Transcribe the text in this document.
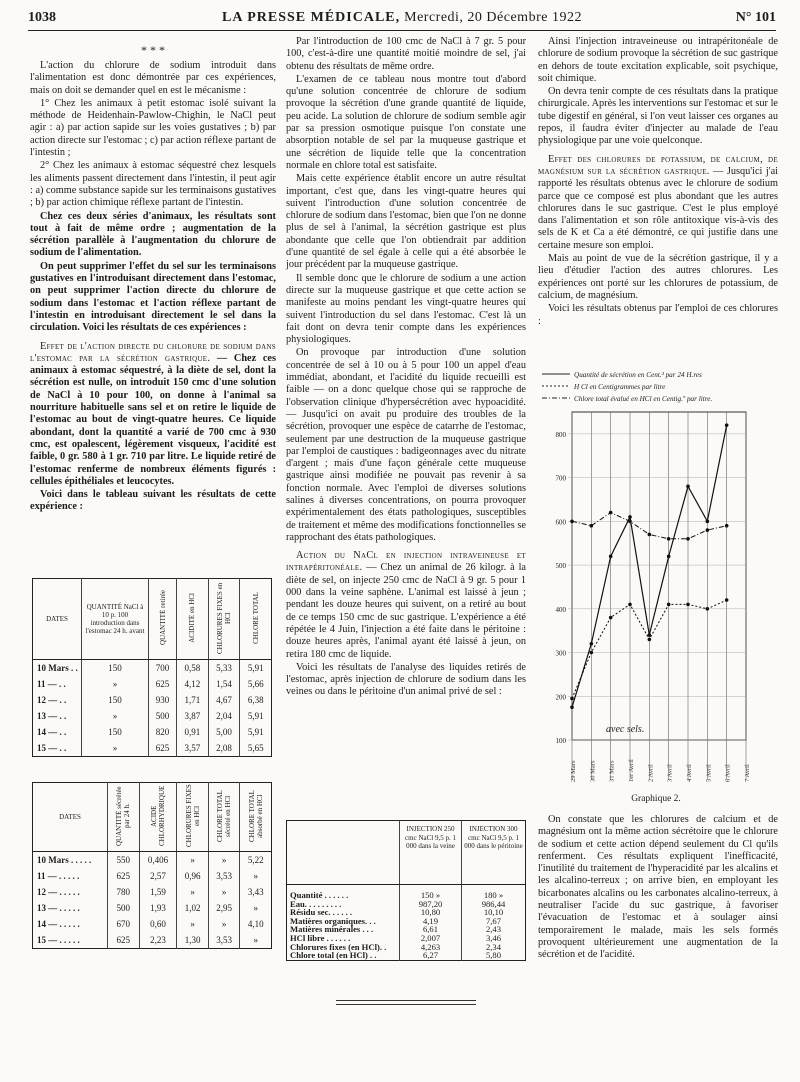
1038	LA PRESSE MÉDICALE, Mercredi, 20 Décembre 1922	N° 101
* * *

L'action du chlorure de sodium introduit dans l'alimentation est donc démontrée par ces expériences, mais on doit se demander quel en est le mécanisme :

1° Chez les animaux à petit estomac isolé suivant la méthode de Heidenhain-Pawlow-Chighin, le NaCl peut agir : a) par action sapide sur les voies gustatives ; b) par action directe sur l'estomac ; c) par action réflexe partant de l'intestin ;

2° Chez les animaux à estomac séquestré chez lesquels les aliments passent directement dans l'intestin, il peut agir : a) comme substance sapide sur les terminaisons gustatives ; b) par action chimique réflexe partant de l'intestin.

Chez ces deux séries d'animaux, les résultats sont tout à fait de même ordre ; augmentation de la sécrétion parallèle à l'augmentation du chlorure de sodium de l'alimentation.

On peut supprimer l'effet du sel sur les terminaisons gustatives en l'introduisant directement dans l'estomac, on peut supprimer l'action directe du chlorure de sodium dans l'estomac et l'action réflexe partant de l'intestin en introduisant directement le sel dans la circulation. Voici les résultats de ces expériences :

Effet de l'action directe du chlorure de sodium dans l'estomac par la sécrétion gastrique. — Chez ces animaux à estomac séquestré, à la diète de sel, dont la sécrétion est nulle, on introduit 150 cmc d'une solution de NaCl à 10 pour 100, on donne à l'animal sa nourriture habituelle sans sel et on retire le liquide de l'estomac au bout de vingt-quatre heures. Ce liquide abondant, dont la quantité a varié de 700 cmc à 930 cmc, est opalescent, légèrement visqueux, l'acidité est faible, 0 gr. 580 à 1 gr. 710 par litre. Le liquide retiré de l'estomac renferme de nombreux éléments figurés : cellules épithéliales et leucocytes.

Voici dans le tableau suivant les résultats de cette expérience :

DATES	QUANTITÉ NaCl à 10 p. 100 introduction dans l'estomac 24 h. avant	QUANTITÉ retirée	ACIDITÉ en HCl	CHLORURES FIXES en HCl	CHLORE TOTAL
10 Mars . .	150	700	0,58	5,33	5,91
11 — . .	»	625	4,12	1,54	5,66
12 — . .	150	930	1,71	4,67	6,38
13 — . .	»	500	3,87	2,04	5,91
14 — . .	150	820	0,91	5,00	5,91
15 — . .	»	625	3,57	2,08	5,65
DATES	QUANTITÉ sécrétée par 24 h.	ACIDE CHLORHYDRIQUE	CHLORURES FIXES en HCl	CHLORE TOTAL sécrété en HCl	CHLORE TOTAL absorbé en HCl
10 Mars . . . . .	550	0,406	»	»	5,22
11 — . . . . .	625	2,57	0,96	3,53	»
12 — . . . . .	780	1,59	»	»	3,43
13 — . . . . .	500	1,93	1,02	2,95	»
14 — . . . . .	670	0,60	»	»	4,10
15 — . . . . .	625	2,23	1,30	3,53	»

Par l'introduction de 100 cmc de NaCl à 7 gr. 5 pour 100, c'est-à-dire une quantité moitié moindre de sel, j'ai obtenu des résultats de même ordre.

L'examen de ce tableau nous montre tout d'abord qu'une solution concentrée de chlorure de sodium provoque la sécrétion d'une grande quantité de liquide, peu acide. La solution de chlorure de sodium semble agir par sa pression osmotique puisque l'on constate une absorption notable de sel par la muqueuse gastrique et une sécrétion de liquide telle que la concentration normale en chlore total est satisfaite.

Mais cette expérience établit encore un autre résultat important, c'est que, dans les vingt-quatre heures qui suivent l'introduction d'une solution concentrée de chlorure de sodium dans l'estomac, bien que l'on ne donne plus de sel à l'animal, la sécrétion gastrique est plus abondante que celle que l'on obtiendrait par addition d'une quantité de sel égale à celle qui a été absorbée le jour précédent par la muqueuse gastrique.

Il semble donc que le chlorure de sodium a une action directe sur la muqueuse gastrique et que cette action se manifeste au moins pendant les vingt-quatre heures qui suivent l'introduction du sel dans l'estomac. C'est là un fait dont on devra tenir compte dans les expériences physiologiques.

On provoque par introduction d'une solution concentrée de sel à 10 ou à 5 pour 100 un appel d'eau immédiat, abondant, et l'acidité du liquide recueilli est faible — on a donc quelque chose qui se rapproche de l'observation clinique d'hypersécrétion avec hypoacidité. — Jusqu'ici on avait pu produire des troubles de la sécrétion, provoquer une espèce de catarrhe de l'estomac, seulement par une destruction de la muqueuse gastrique par l'emploi de caustiques : badigeonnages avec du nitrate d'argent ; mais d'une façon générale cette muqueuse gastrique ainsi modifiée ne pouvait pas revenir à sa fonction normale. Avec l'emploi de diverses solutions salines à diverses concentrations, on pourra provoquer expérimentalement des états pathologiques, susceptibles de traitement et même des modifications fonctionnelles se rapprochant des états pathologiques.

Action du NaCl en injection intraveineuse et intrapéritonéale. — Chez un animal de 26 kilogr. à la diète de sel, on injecte 250 cmc de NaCl à 9 gr. 5 pour 1 000 dans la veine saphène. L'animal est laissé à jeun ; pendant les douze heures qui suivent, on a retiré au bout de ce temps 150 cmc de suc gastrique. L'expérience a été répétée le 4 Juin, l'injection a été faite dans le péritoine : douze heures après, l'animal ayant été laissé à jeun, on retira 180 cmc de liquide.

Voici les résultats de l'analyse des liquides retirés de l'estomac, après injection de chlorure de sodium dans les veines ou dans le péritoine d'un animal privé de sel :

	INJECTION 250 cmc NaCl 9,5 p. 1 000 dans la veine	INJECTION 300 cmc NaCl 9,5 p. 1 000 dans le péritoine
Quantité . . . . . .	150 »	180 »
Eau. . . . . . . . .	987,20	986,44
Résidu sec. . . . . .	10,80	10,10
Matières organiques. . .	4,19	7,67
Matières minérales . . .	6,61	2,43
HCl libre . . . . . .	2,007	3,46
Chlorures fixes (en HCl). .	4,263	2,34
Chlore total (en HCl) . .	6,27	5,80

Ainsi l'injection intraveineuse ou intrapéritonéale de chlorure de sodium provoque la sécrétion de suc gastrique en dehors de toute excitation explicable, soit psychique, soit chimique.

On devra tenir compte de ces résultats dans la pratique chirurgicale. Après les interventions sur l'estomac et sur le tube digestif en général, si l'on veut laisser ces organes au repos, il faudra éviter d'injecter au malade de l'eau physiologique par une voie quelconque.

Effet des chlorures de potassium, de calcium, de magnésium sur la sécrétion gastrique. — Jusqu'ici j'ai rapporté les résultats obtenus avec le chlorure de sodium parce que ce composé est plus abondant que les autres chlorures dans le suc gastrique. C'est le plus employé dans l'alimentation et son rôle antitoxique vis-à-vis des sels de K et Ca a été démontré, ce qui justifie dans une certaine mesure son emploi.

Mais au point de vue de la sécrétion gastrique, il y a lieu d'étudier l'action des autres chlorures. Les expériences ont porté sur les chlorures de potassium, de calcium, de magnésium.

Voici les résultats obtenus par l'emploi de ces chlorures :

Quantité de sécrétion en Cent.³ par 24 H.res
H Cl en Centigrammes par litre
Chlore total évalué en HCl en Centig.º par litre.
29 Mars 30 Mars 31 Mars 1er Avril 2 Avril 3 Avril 4 Avril 5 Avril 6 Avril 7 Avril
100
200
300
400
500
600
700
800
avec sels.
Graphique 2.

On constate que les chlorures de calcium et de magnésium ont la même action sécrétoire que le chlorure de sodium et cette action dépend seulement du Cl qu'ils renferment. Ces résultats expliquent l'inefficacité, l'inutilité du traitement de l'hyperacidité par les alcalins et les alcalino-terreux ; on arrive bien, en employant les bicarbonates alcalins ou les carbonates alcalino-terreux, à neutraliser l'acide du suc gastrique, à favoriser l'évacuation de l'estomac et à soulager ainsi temporairement le malade, mais les sels formés provoquent ultérieurement une augmentation de la sécrétion et de l'acidité.
